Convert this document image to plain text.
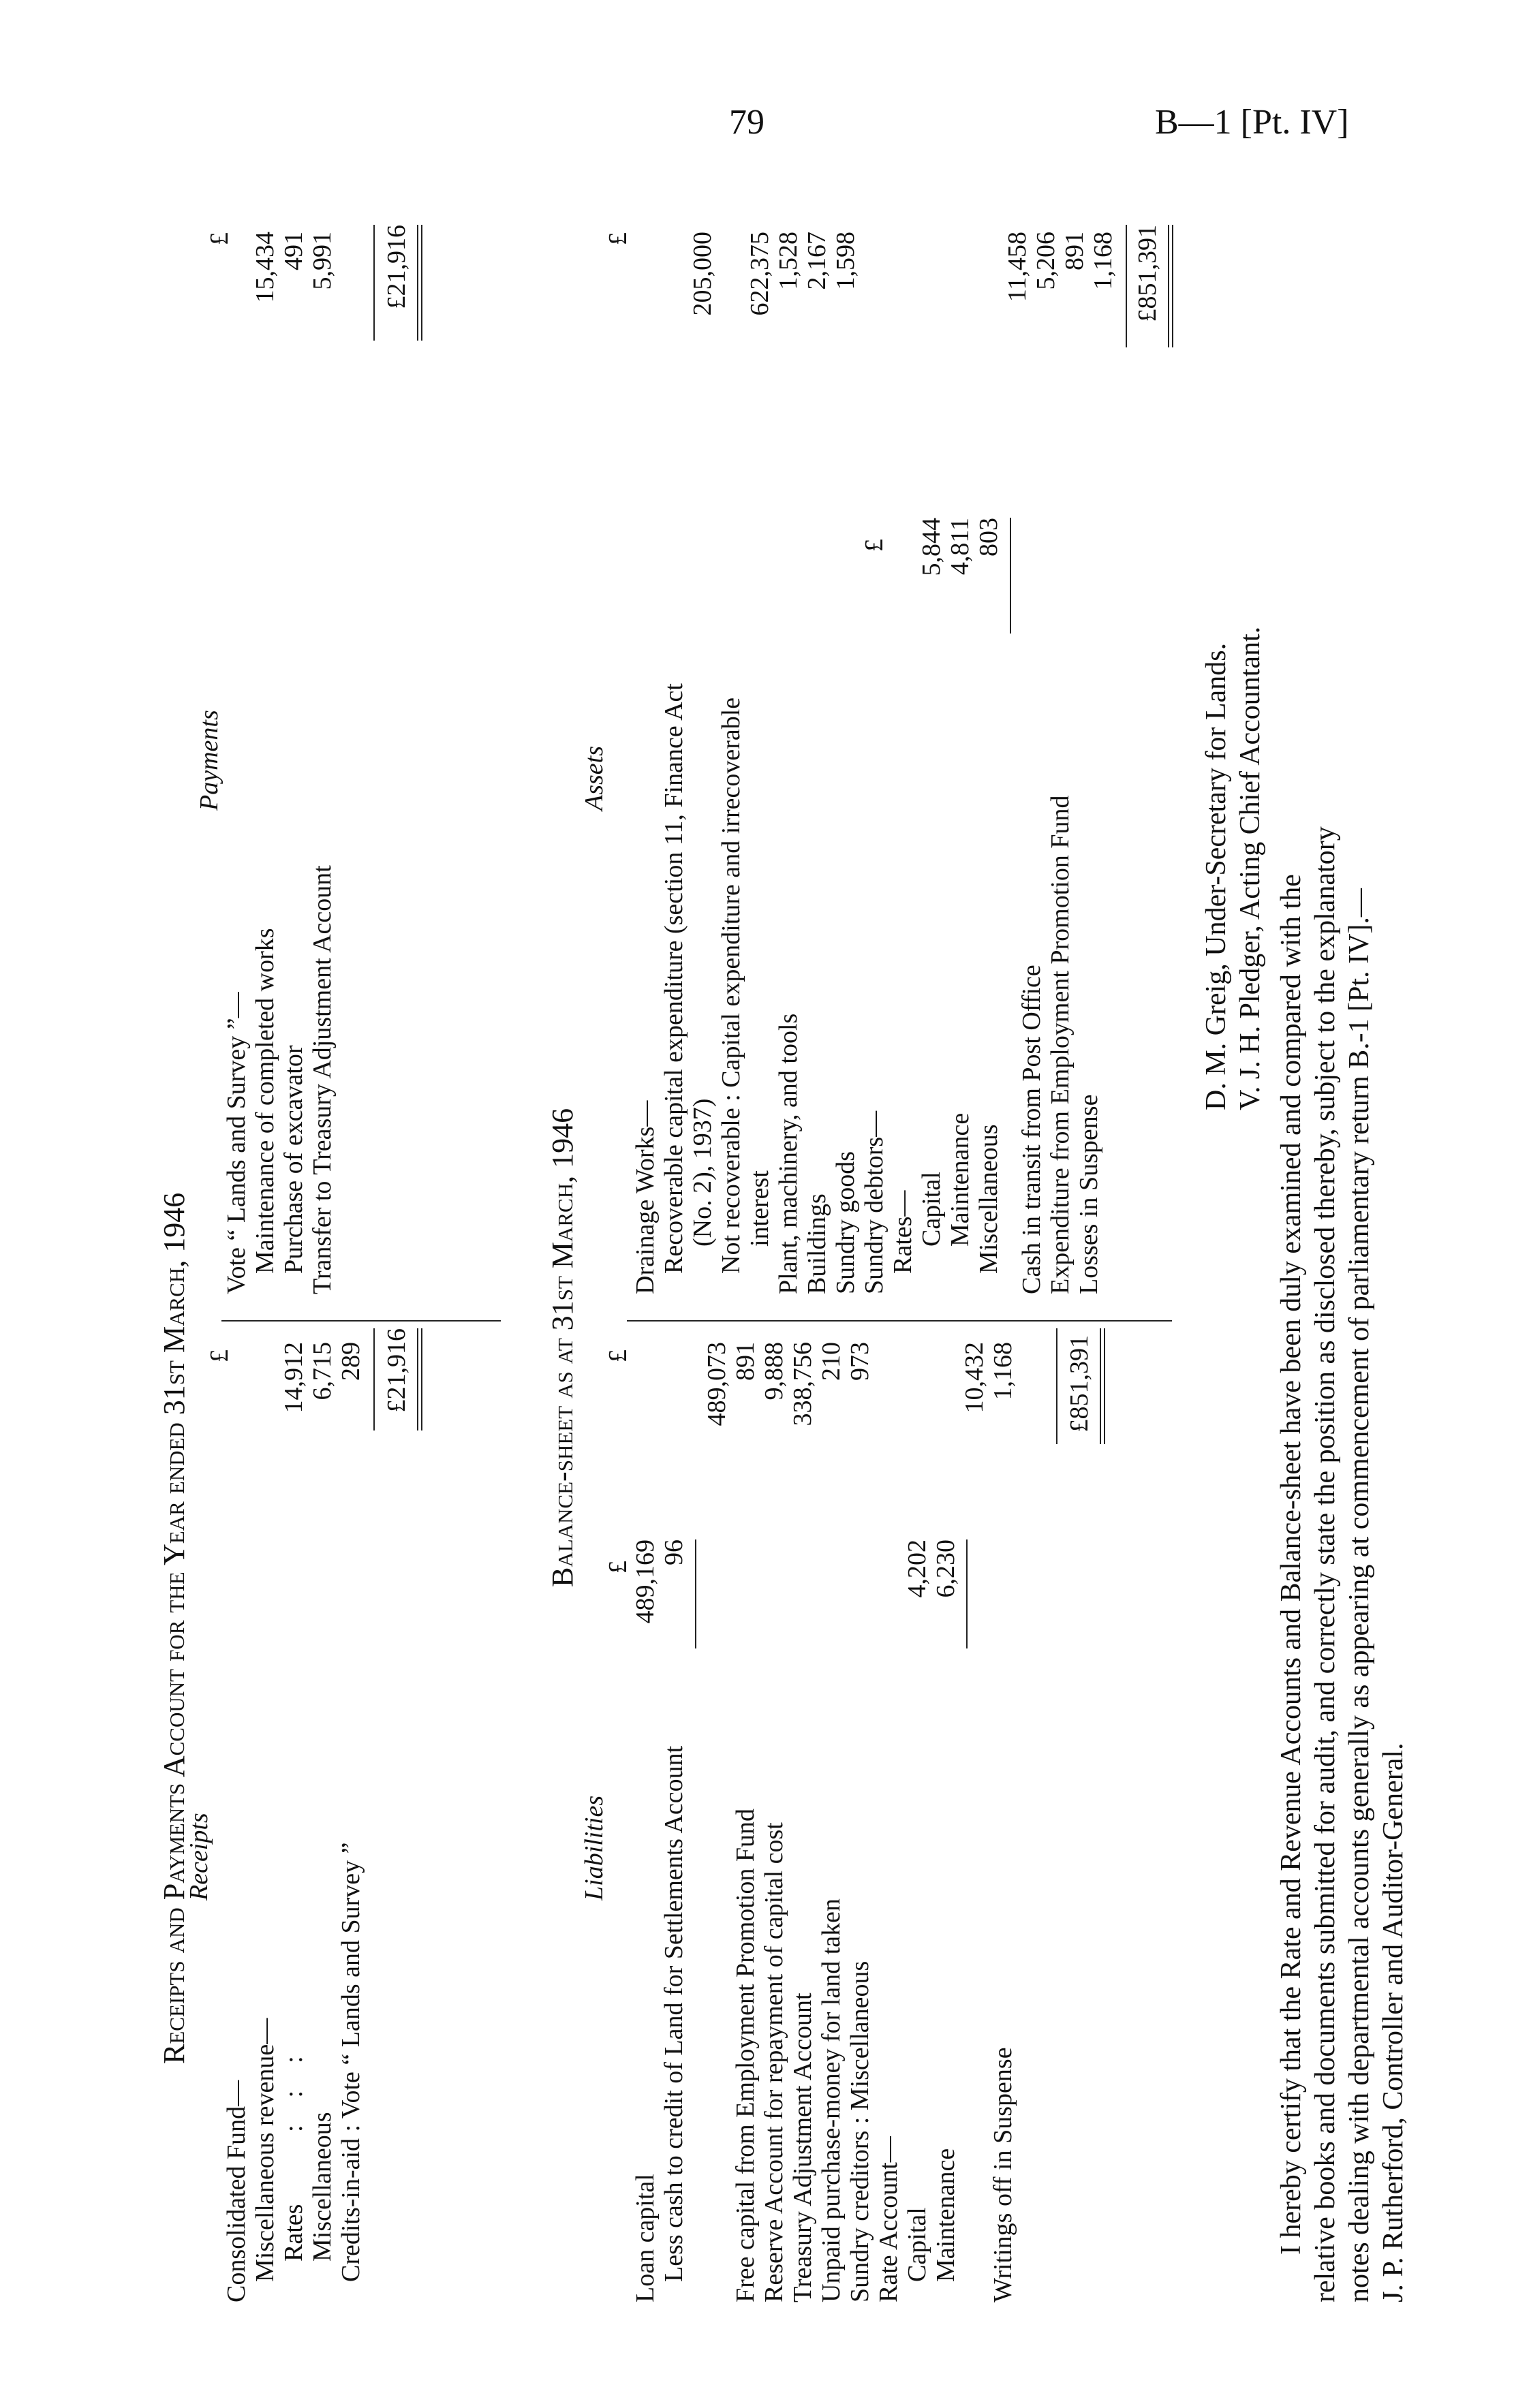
79	B—1 [Pt. IV]
Receipts and Payments Account for the Year ended 31st March, 1946
Receipts
Payments
£
£
Consolidated Fund— Miscellaneous revenue— Rates
:::
14,912
Miscellaneous
6,715
Credits-in-aid : Vote “ Lands and Survey ”
289 £21,916
Vote “ Lands and Survey ”— Maintenance of completed works
15,434
Purchase of excavator
491
Transfer to Treasury Adjustment Account
5,991 £21,916
Balance-sheet as at 31st March, 1946
Liabilities
Assets
£
£
£
Loan capital
489,169
Less cash to credit of Land for Settlements Account
96
489,073
Free capital from Employment Promotion Fund
891
Reserve Account for repayment of capital cost
9,888
Treasury Adjustment Account
338,756
Unpaid purchase-money for land taken
210
Sundry creditors : Miscellaneous
973
Rate Account— Capital
4,202
Maintenance
6,230
10,432
Writings off in Suspense
1,168 £851,391
Drainage Works— Recoverable capital expenditure (section 11, Finance Act (No. 2), 1937)
205,000
Not recoverable : Capital expenditure and irrecoverable interest
622,375
Plant, machinery, and tools
1,528
Buildings
2,167
Sundry goods
1,598
Sundry debtors—
£
Rates— Capital
5,844
Maintenance
4,811
Miscellaneous
803
11,458
Cash in transit from Post Office
5,206
Expenditure from Employment Promotion Fund
891
Losses in Suspense
1,168 £851,391
D. M. Greig, Under-Secretary for Lands. V. J. H. Pledger, Acting Chief Accountant.
I hereby certify that the Rate and Revenue Accounts and Balance-sheet have been duly examined and compared with the relative books and documents submitted for audit, and correctly state the position as disclosed thereby, subject to the explanatory notes dealing with departmental accounts generally as appearing at commencement of parliamentary return B.-1 [Pt. IV].— J. P. Rutherford, Controller and Auditor-General.
